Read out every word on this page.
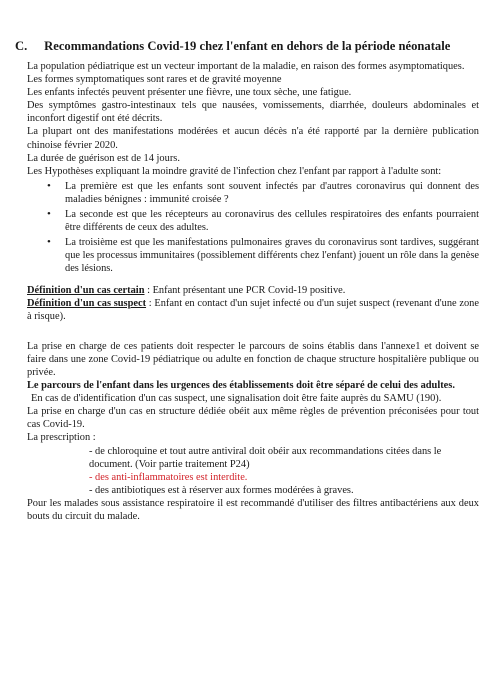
C. Recommandations Covid-19 chez l'enfant en dehors de la période néonatale

La population pédiatrique est un vecteur important de la maladie, en raison des formes asymptomatiques.

Les formes symptomatiques sont rares et de gravité moyenne

Les enfants infectés peuvent présenter une fièvre, une toux sèche, une fatigue.

Des symptômes gastro-intestinaux tels que nausées, vomissements, diarrhée, douleurs abdominales et inconfort digestif ont été décrits.

La plupart ont des manifestations modérées et aucun décès n'a été rapporté par la dernière publication chinoise février 2020.

La durée de guérison est de 14 jours.

Les Hypothèses expliquant la moindre gravité de l'infection chez l'enfant par rapport à l'adulte sont:

• La première est que les enfants sont souvent infectés par d'autres coronavirus qui donnent des maladies bénignes : immunité croisée ?
• La seconde est que les récepteurs au coronavirus des cellules respiratoires des enfants pourraient être différents de ceux des adultes.
• La troisième est que les manifestations pulmonaires graves du coronavirus sont tardives, suggérant que les processus immunitaires (possiblement différents chez l'enfant) jouent un rôle dans la genèse des lésions.

Définition d'un cas certain : Enfant présentant une PCR Covid-19 positive.

Définition d'un cas suspect : Enfant en contact d'un sujet infecté ou d'un sujet suspect (revenant d'une zone à risque).

La prise en charge de ces patients doit respecter le parcours de soins établis dans l'annexe1 et doivent se faire dans une zone Covid-19 pédiatrique ou adulte en fonction de chaque structure hospitalière publique ou privée.

Le parcours de l'enfant dans les urgences des établissements doit être séparé de celui des adultes.

En cas de d'identification d'un cas suspect, une signalisation doit être faite auprès du SAMU (190).

La prise en charge d'un cas en structure dédiée obéit aux même règles de prévention préconisées pour tout cas Covid-19.

La prescription :

- de chloroquine et tout autre antiviral doit obéir aux recommandations citées dans le document. (Voir partie traitement P24)
- des anti-inflammatoires est interdite.
- des antibiotiques est à réserver aux formes modérées à graves.

Pour les malades sous assistance respiratoire il est recommandé d'utiliser des filtres antibactériens aux deux bouts du circuit du malade.
